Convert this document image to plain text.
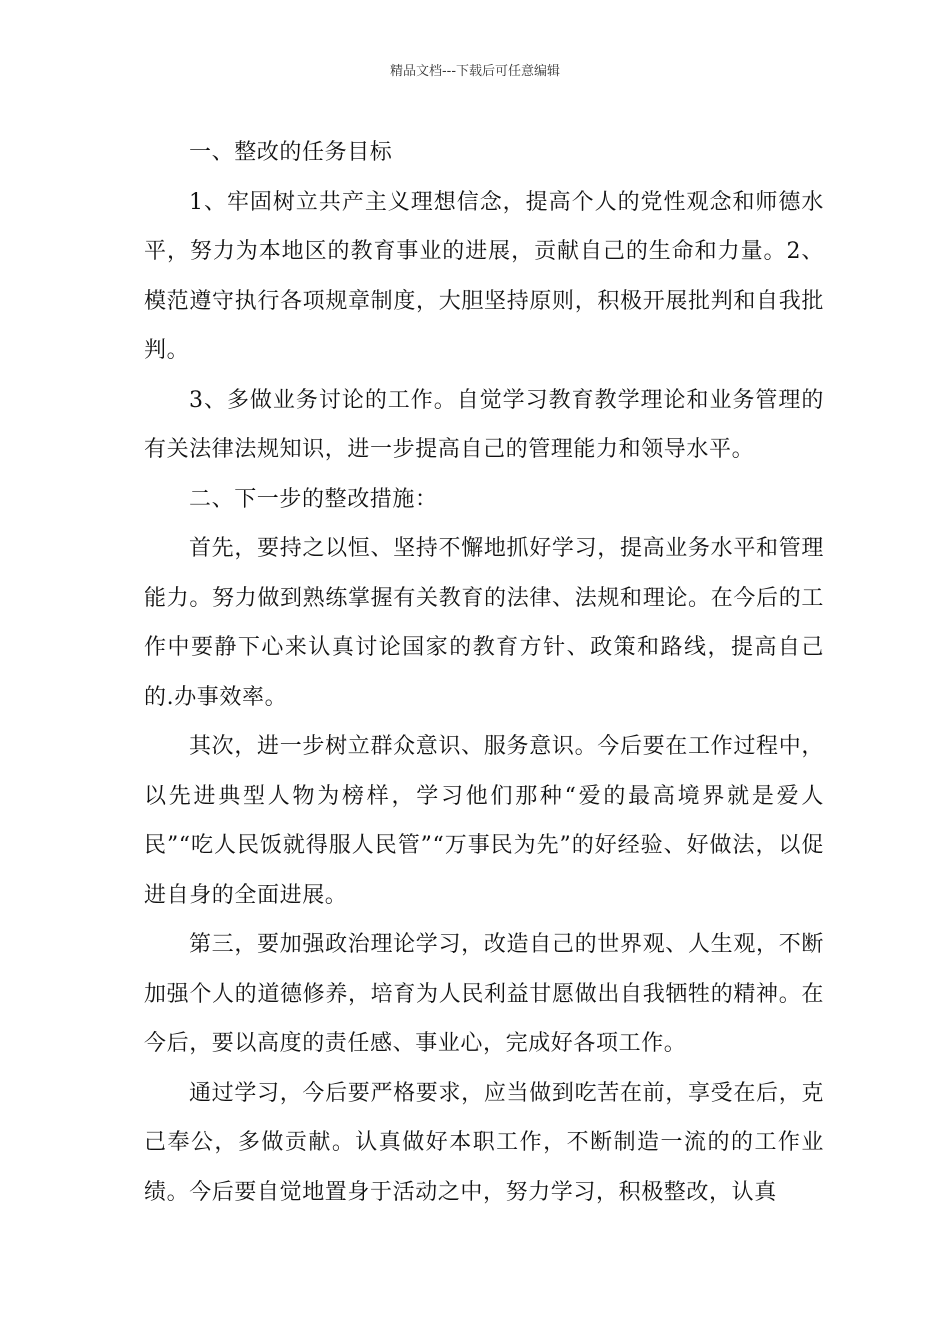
精品文档---下载后可任意编辑

一、整改的任务目标

1、牢固树立共产主义理想信念，提高个人的党性观念和师德水平，努力为本地区的教育事业的进展，贡献自己的生命和力量。2、模范遵守执行各项规章制度，大胆坚持原则，积极开展批判和自我批判。

3、多做业务讨论的工作。自觉学习教育教学理论和业务管理的有关法律法规知识，进一步提高自己的管理能力和领导水平。

二、下一步的整改措施：

首先，要持之以恒、坚持不懈地抓好学习，提高业务水平和管理能力。努力做到熟练掌握有关教育的法律、法规和理论。在今后的工作中要静下心来认真讨论国家的教育方针、政策和路线，提高自己的.办事效率。

其次，进一步树立群众意识、服务意识。今后要在工作过程中，以先进典型人物为榜样，学习他们那种“爱的最高境界就是爱人民”“吃人民饭就得服人民管”“万事民为先”的好经验、好做法，以促进自身的全面进展。

第三，要加强政治理论学习，改造自己的世界观、人生观，不断加强个人的道德修养，培育为人民利益甘愿做出自我牺牲的精神。在今后，要以高度的责任感、事业心，完成好各项工作。

通过学习，今后要严格要求，应当做到吃苦在前，享受在后，克己奉公，多做贡献。认真做好本职工作，不断制造一流的的工作业绩。今后要自觉地置身于活动之中，努力学习，积极整改，认真
